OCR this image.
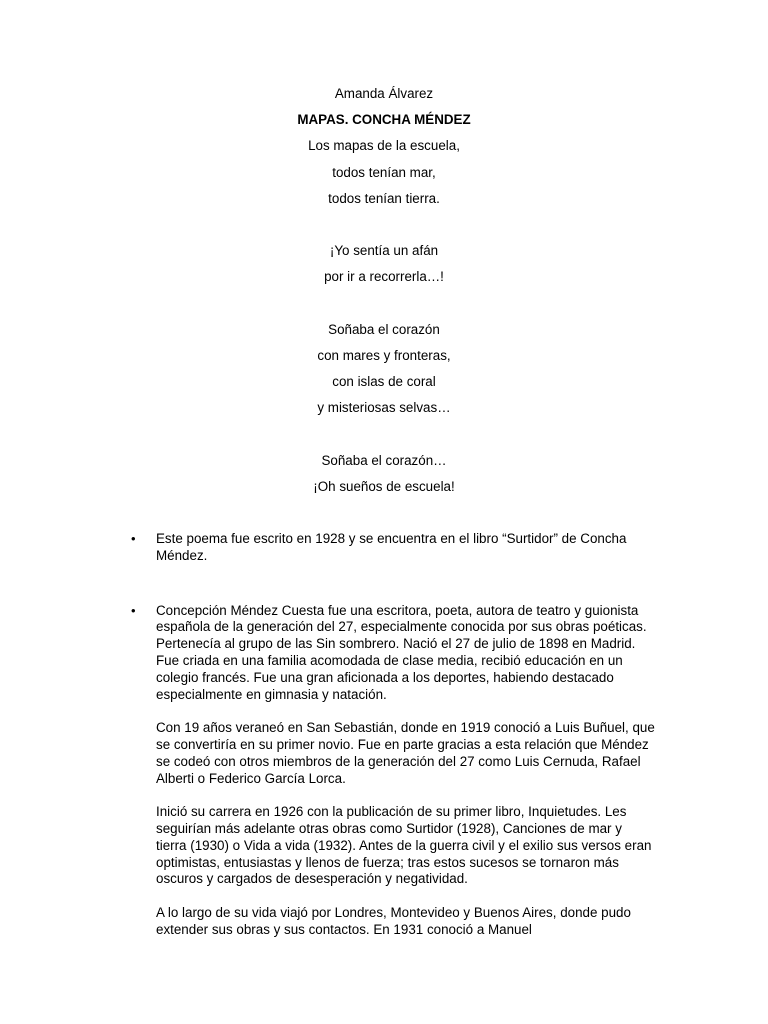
Amanda Álvarez
MAPAS. CONCHA MÉNDEZ
Los mapas de la escuela,
todos tenían mar,
todos tenían tierra.
¡Yo sentía un afán
por ir a recorrerla…!
Soñaba el corazón
con mares y fronteras,
con islas de coral
y misteriosas selvas…
Soñaba el corazón…
¡Oh sueños de escuela!
• Este poema fue escrito en 1928 y se encuentra en el libro “Surtidor” de Concha Méndez.

• Concepción Méndez Cuesta fue una escritora, poeta, autora de teatro y guionista española de la generación del 27, especialmente conocida por sus obras poéticas. Pertenecía al grupo de las Sin sombrero. Nació el 27 de julio de 1898 en Madrid. Fue criada en una familia acomodada de clase media, recibió educación en un colegio francés. Fue una gran aficionada a los deportes, habiendo destacado especialmente en gimnasia y natación.

Con 19 años veraneó en San Sebastián, donde en 1919 conoció a Luis Buñuel, que se convertiría en su primer novio. Fue en parte gracias a esta relación que Méndez se codeó con otros miembros de la generación del 27 como Luis Cernuda, Rafael Alberti o Federico García Lorca.

Inició su carrera en 1926 con la publicación de su primer libro, Inquietudes. Les seguirían más adelante otras obras como Surtidor (1928), Canciones de mar y tierra (1930) o Vida a vida (1932). Antes de la guerra civil y el exilio sus versos eran optimistas, entusiastas y llenos de fuerza; tras estos sucesos se tornaron más oscuros y cargados de desesperación y negatividad.

A lo largo de su vida viajó por Londres, Montevideo y Buenos Aires, donde pudo extender sus obras y sus contactos. En 1931 conoció a Manuel
